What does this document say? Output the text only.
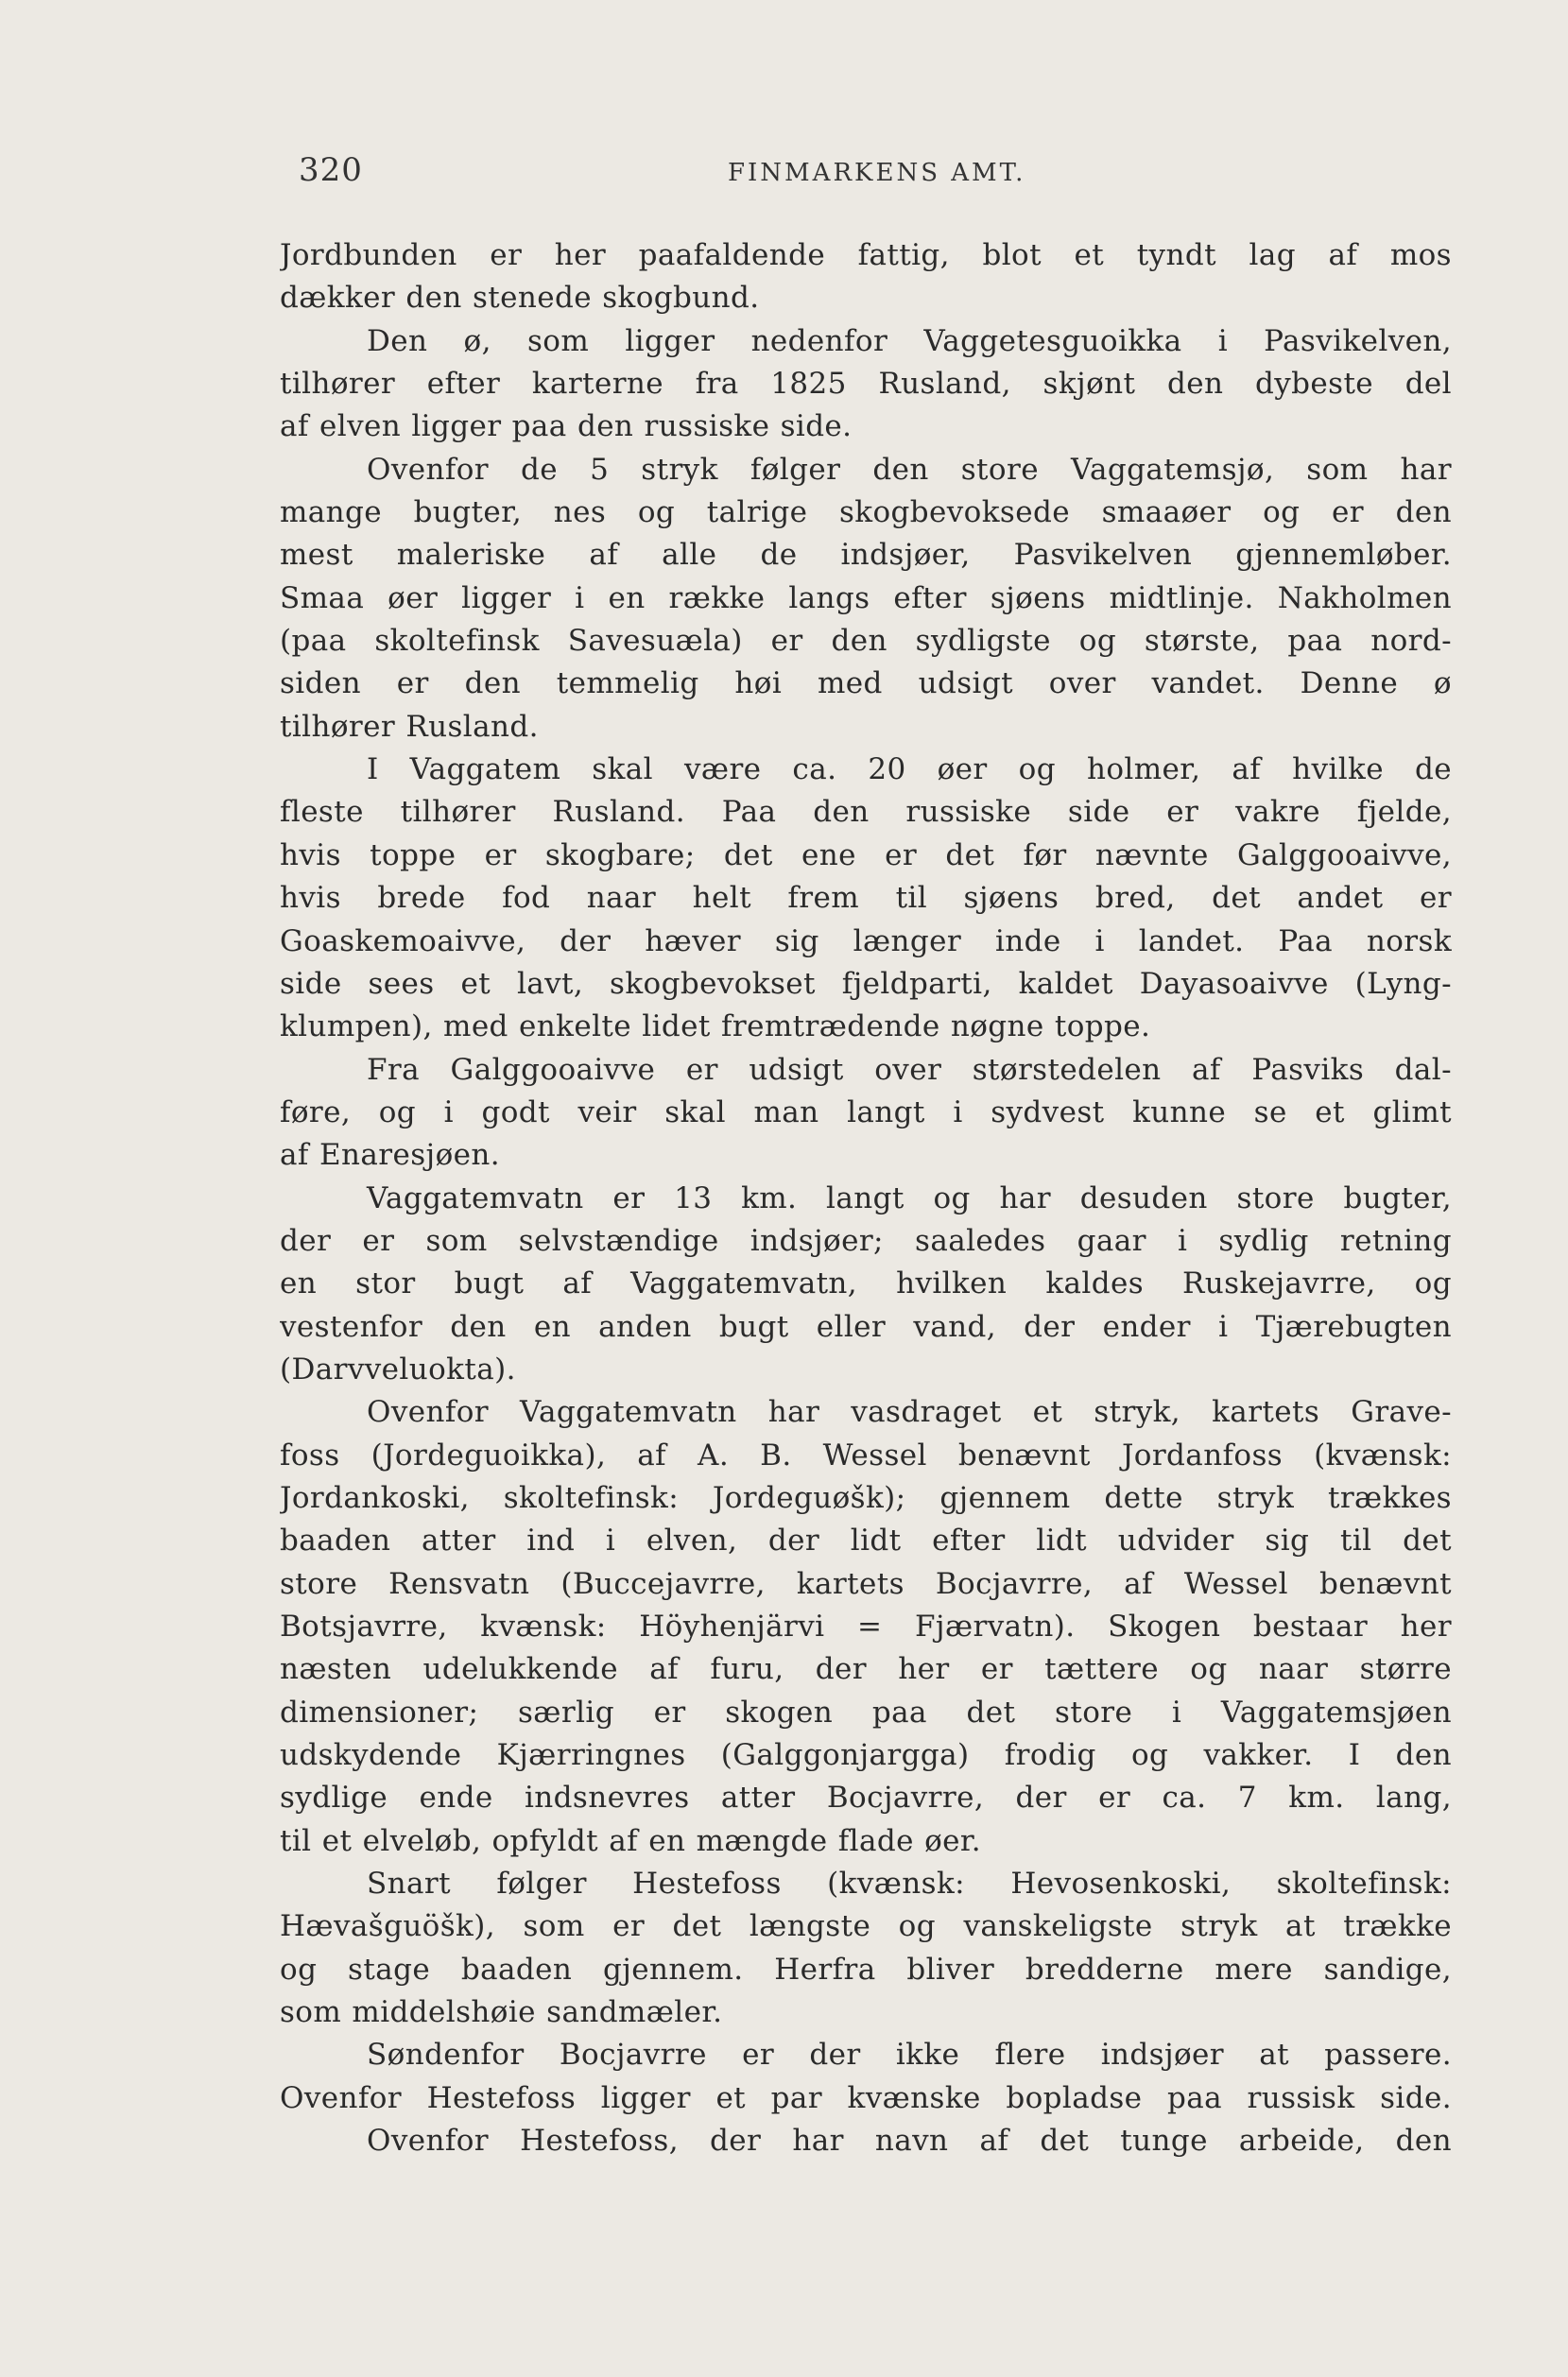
320	FINMARKENS AMT.
Jordbunden er her paafaldende fattig, blot et tyndt lag af mos
dækker den stenede skogbund.
Den ø, som ligger nedenfor Vaggetesguoikka i Pasvikelven,
tilhører efter karterne fra 1825 Rusland, skjønt den dybeste del
af elven ligger paa den russiske side.
Ovenfor de 5 stryk følger den store Vaggatemsjø, som har
mange bugter, nes og talrige skogbevoksede smaaøer og er den
mest maleriske af alle de indsjøer, Pasvikelven gjennemløber.
Smaa øer ligger i en række langs efter sjøens midtlinje. Nakholmen
(paa skoltefinsk Savesuæla) er den sydligste og største, paa nord-
siden er den temmelig høi med udsigt over vandet. Denne ø
tilhører Rusland.
I Vaggatem skal være ca. 20 øer og holmer, af hvilke de
fleste tilhører Rusland. Paa den russiske side er vakre fjelde,
hvis toppe er skogbare; det ene er det før nævnte Galggooaivve,
hvis brede fod naar helt frem til sjøens bred, det andet er
Goaskemoaivve, der hæver sig længer inde i landet. Paa norsk
side sees et lavt, skogbevokset fjeldparti, kaldet Dayasoaivve (Lyng-
klumpen), med enkelte lidet fremtrædende nøgne toppe.
Fra Galggooaivve er udsigt over størstedelen af Pasviks dal-
føre, og i godt veir skal man langt i sydvest kunne se et glimt
af Enaresjøen.
Vaggatemvatn er 13 km. langt og har desuden store bugter,
der er som selvstændige indsjøer; saaledes gaar i sydlig retning
en stor bugt af Vaggatemvatn, hvilken kaldes Ruskejavrre, og
vestenfor den en anden bugt eller vand, der ender i Tjærebugten
(Darvveluokta).
Ovenfor Vaggatemvatn har vasdraget et stryk, kartets Grave-
foss (Jordeguoikka), af A. B. Wessel benævnt Jordanfoss (kvænsk:
Jordankoski, skoltefinsk: Jordeguøšk); gjennem dette stryk trækkes
baaden atter ind i elven, der lidt efter lidt udvider sig til det
store Rensvatn (Buccejavrre, kartets Bocjavrre, af Wessel benævnt
Botsjavrre, kvænsk: Höyhenjärvi = Fjærvatn). Skogen bestaar her
næsten udelukkende af furu, der her er tættere og naar større
dimensioner; særlig er skogen paa det store i Vaggatemsjøen
udskydende Kjærringnes (Galggonjargga) frodig og vakker. I den
sydlige ende indsnevres atter Bocjavrre, der er ca. 7 km. lang,
til et elveløb, opfyldt af en mængde flade øer.
Snart følger Hestefoss (kvænsk: Hevosenkoski, skoltefinsk:
Hævašguöšk), som er det længste og vanskeligste stryk at trække
og stage baaden gjennem. Herfra bliver bredderne mere sandige,
som middelshøie sandmæler.
Søndenfor Bocjavrre er der ikke flere indsjøer at passere.
Ovenfor Hestefoss ligger et par kvænske bopladse paa russisk side.
Ovenfor Hestefoss, der har navn af det tunge arbeide, den
